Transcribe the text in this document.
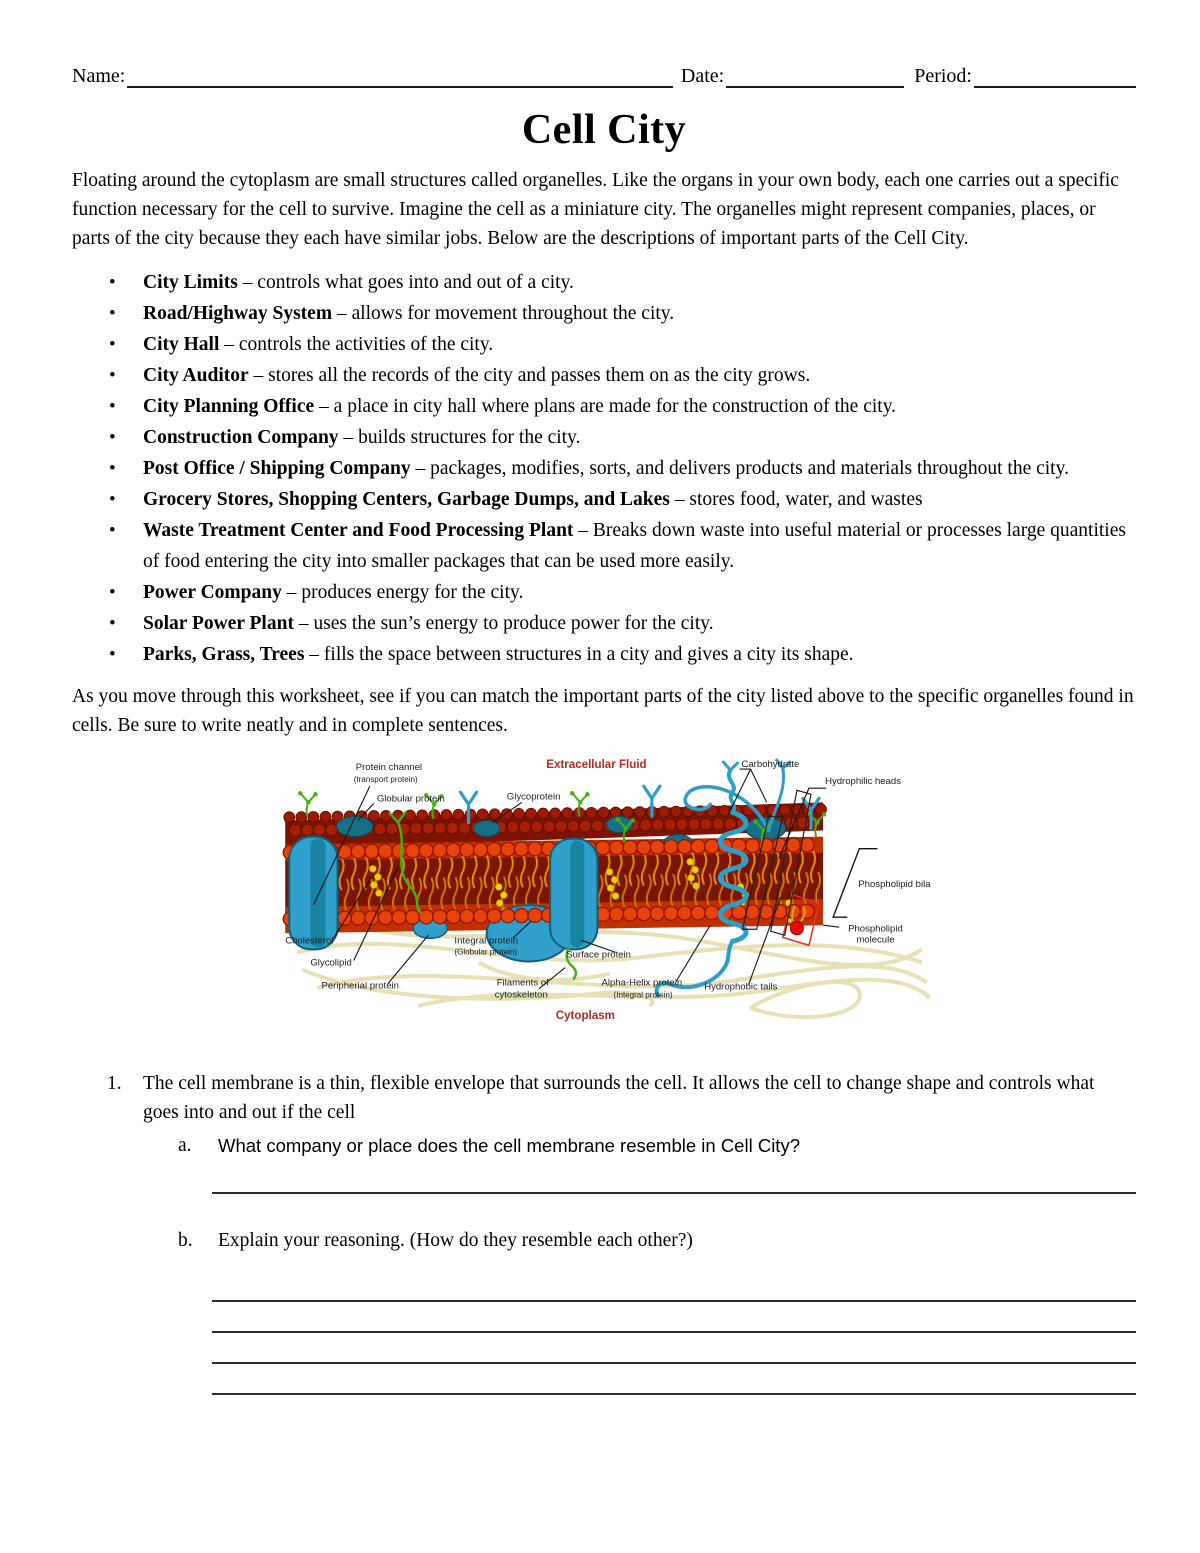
Name:	Date:	Period:
Cell City

Floating around the cytoplasm are small structures called organelles. Like the organs in your own body, each one carries out a specific function necessary for the cell to survive. Imagine the cell as a miniature city. The organelles might represent companies, places, or parts of the city because they each have similar jobs. Below are the descriptions of important parts of the Cell City.

• City Limits – controls what goes into and out of a city.
• Road/Highway System – allows for movement throughout the city.
• City Hall – controls the activities of the city.
• City Auditor – stores all the records of the city and passes them on as the city grows.
• City Planning Office – a place in city hall where plans are made for the construction of the city.
• Construction Company – builds structures for the city.
• Post Office / Shipping Company – packages, modifies, sorts, and delivers products and materials throughout the city.
• Grocery Stores, Shopping Centers, Garbage Dumps, and Lakes – stores food, water, and wastes
• Waste Treatment Center and Food Processing Plant – Breaks down waste into useful material or processes large quantities of food entering the city into smaller packages that can be used more easily.
• Power Company – produces energy for the city.
• Solar Power Plant – uses the sun’s energy to produce power for the city.
• Parks, Grass, Trees – fills the space between structures in a city and gives a city its shape.

As you move through this worksheet, see if you can match the important parts of the city listed above to the specific organelles found in cells. Be sure to write neatly and in complete sentences.

Protein channel
(transport protein)
Globular protein	Glycoprotein
Extracellular Fluid	Carbohydrate
Hydrophilic heads
Phospholipid bila
Phospholipid
molecule
Cholesterol
Glycolipid
Peripherial protein
Integral protein
(Globular protein)	Surface protein
Filaments of
cytoskeleton
Alpha-Helix protein
(Integral protein)
Hydrophobic tails
Cytoplasm
1.	The cell membrane is a thin, flexible envelope that surrounds the cell. It allows the cell to change shape and controls what goes into and out if the cell
a.	What company or place does the cell membrane resemble in Cell City?
b.	Explain your reasoning. (How do they resemble each other?)
